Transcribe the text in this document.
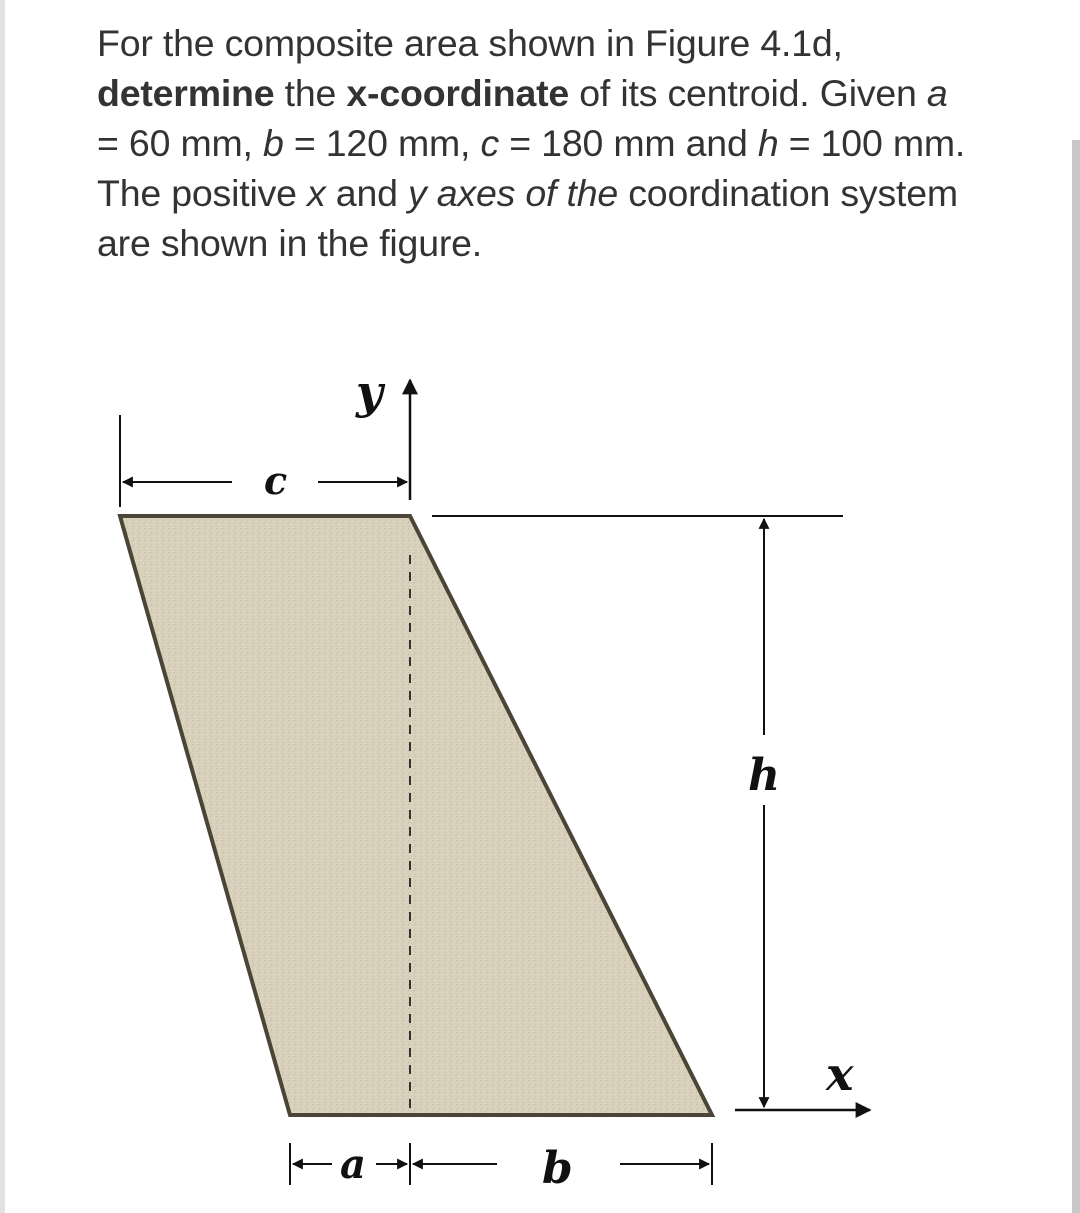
For the composite area shown in Figure 4.1d,
determine the x-coordinate of its centroid. Given a
= 60 mm, b = 120 mm, c = 180 mm and h = 100 mm.
The positive x and y axes of the coordination system
are shown in the figure.
y
c
h
x
a	b
